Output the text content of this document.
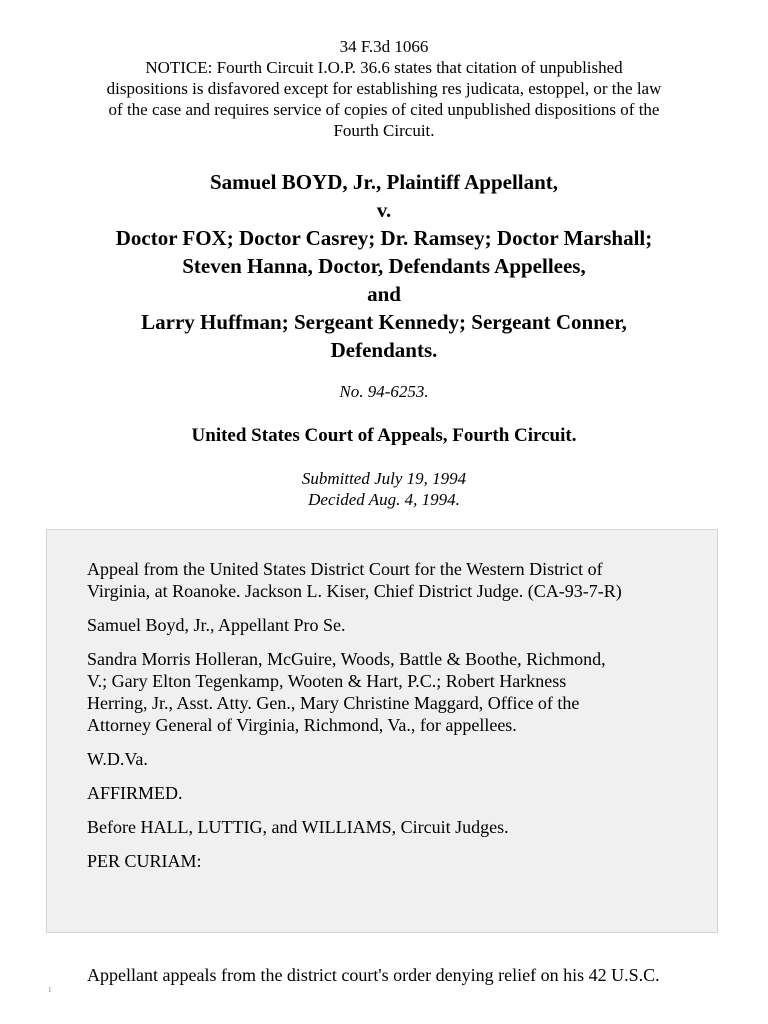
34 F.3d 1066
NOTICE: Fourth Circuit I.O.P. 36.6 states that citation of unpublished
dispositions is disfavored except for establishing res judicata, estoppel, or the law
of the case and requires service of copies of cited unpublished dispositions of the
Fourth Circuit.
Samuel BOYD, Jr., Plaintiff Appellant,
v.
Doctor FOX; Doctor Casrey; Dr. Ramsey; Doctor Marshall;
Steven Hanna, Doctor, Defendants Appellees,
and
Larry Huffman; Sergeant Kennedy; Sergeant Conner,
Defendants.
No. 94-6253.
United States Court of Appeals, Fourth Circuit.
Submitted July 19, 1994
Decided Aug. 4, 1994.

Appeal from the United States District Court for the Western District of
Virginia, at Roanoke. Jackson L. Kiser, Chief District Judge. (CA-93-7-R)

Samuel Boyd, Jr., Appellant Pro Se.

Sandra Morris Holleran, McGuire, Woods, Battle & Boothe, Richmond,
V.; Gary Elton Tegenkamp, Wooten & Hart, P.C.; Robert Harkness
Herring, Jr., Asst. Atty. Gen., Mary Christine Maggard, Office of the
Attorney General of Virginia, Richmond, Va., for appellees.

W.D.Va.

AFFIRMED.

Before HALL, LUTTIG, and WILLIAMS, Circuit Judges.

PER CURIAM:

Appellant appeals from the district court's order denying relief on his 42 U.S.C.
1
